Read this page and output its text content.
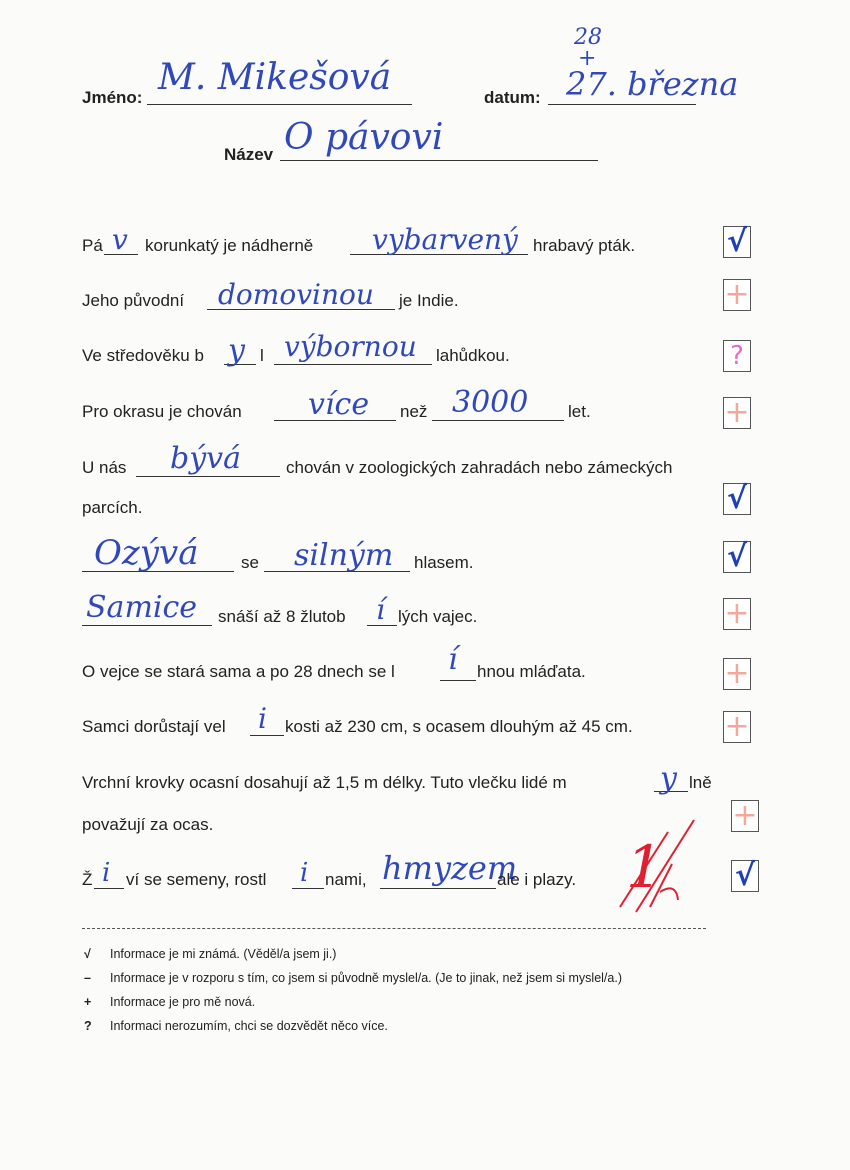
Jméno: M. Mikešová	datum:
28
+
27. března
Název O pávovi
Pá v korunkatý je nádherně vybarvený hrabavý pták.
Jeho původní domovinou je Indie.
Ve středověku b y l výbornou lahůdkou.
Pro okrasu je chován více než 3000 let.
U nás bývá	chován v zoologických zahradách nebo zámeckých
parcích.
Ozývá	se silným hlasem.
Samice snáší až 8 žlutob í lých vajec.
O vejce se stará sama a po 28 dnech se l í hnou mláďata.
Samci dorůstají vel i kosti až 230 cm, s ocasem dlouhým až 45 cm.
Vrchní krovky ocasní dosahují až 1,5 m délky. Tuto vlečku lidé m	y lně
považují za ocas.
Ž i ví se semeny, rostl i nami, hmyzem
ale i plazy. 1
√
+
?
+
√
√
+
+
+
+
√
√ Informace je mi známá. (Věděl/a jsem ji.)
– Informace je v rozporu s tím, co jsem si původně myslel/a. (Je to jinak, než jsem si myslel/a.)
+ Informace je pro mě nová.
? Informaci nerozumím, chci se dozvědět něco více.
